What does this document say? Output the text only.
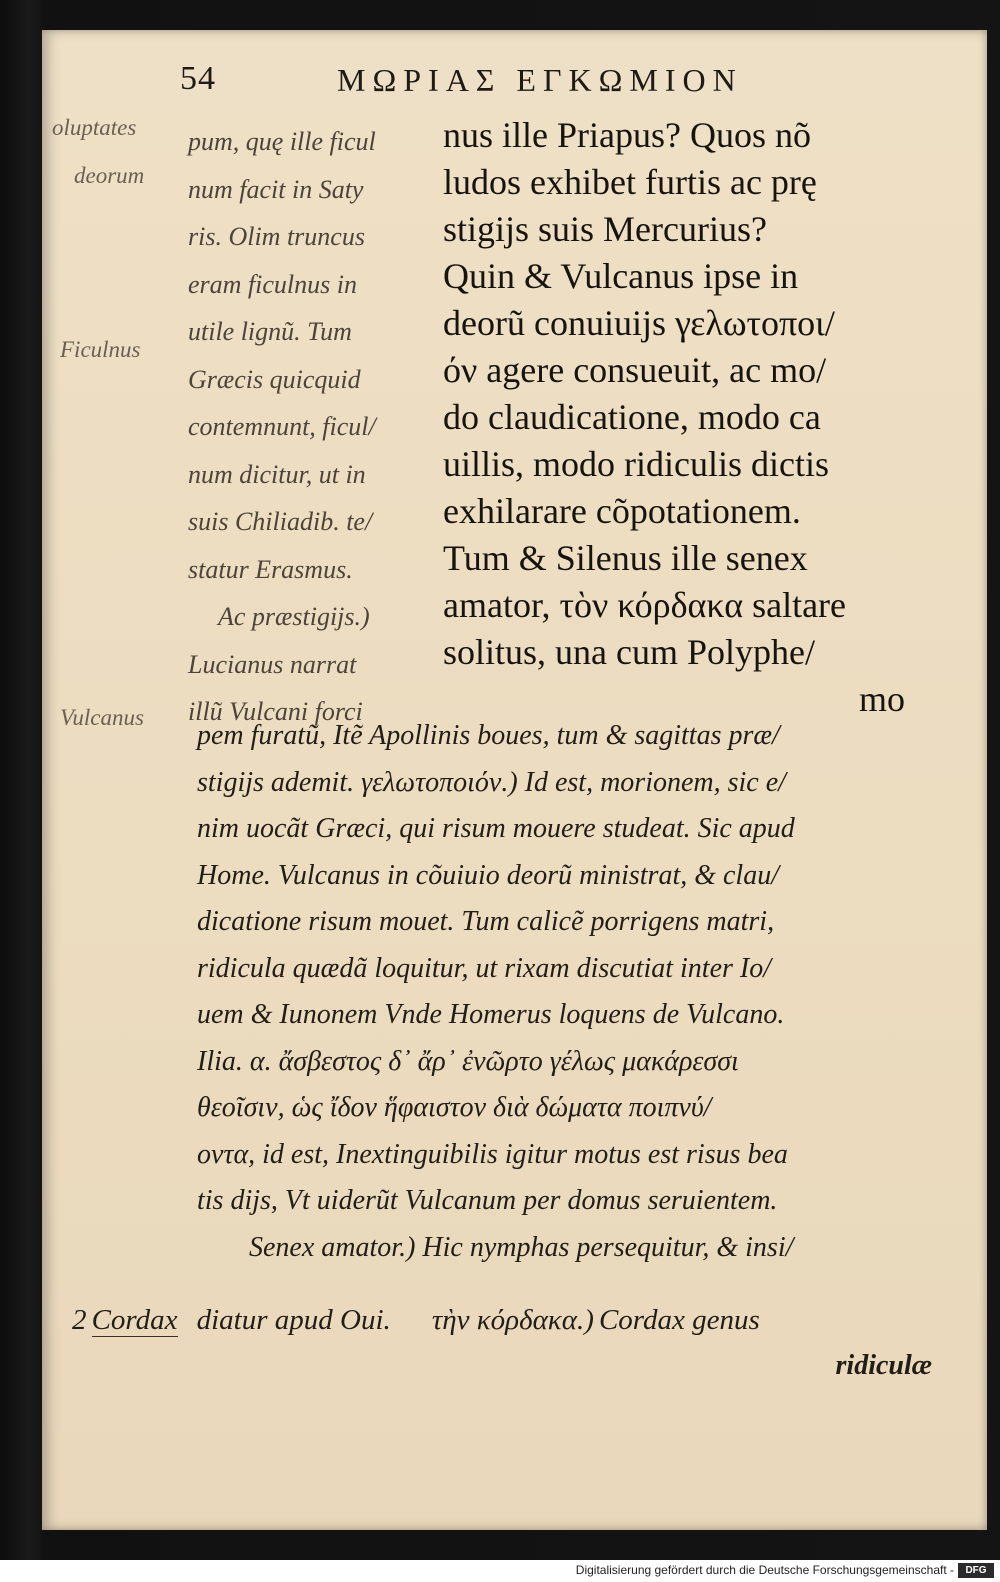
54	ΜΩΡΙΑΣ ΕΓΚΩΜΙΟΝ
oluptates
deorum
Ficulnus
Vulcanus
pum, quę ille ficul
num facit in Saty
ris. Olim truncus
eram ficulnus in
utile lignũ. Tum
Græcis quicquid
contemnunt, ficul/
num dicitur, ut in
suis Chiliadib. te/
statur Erasmus.
Ac præstigijs.)
Lucianus narrat
illũ Vulcani forci
nus ille Priapus? Quos nõ
ludos exhibet furtis ac prę
stigijs suis Mercurius?
Quin & Vulcanus ipse in
deorũ conuiuijs γελωτοποι/
όν agere consueuit, ac mo/
do claudicatione, modo ca
uillis, modo ridiculis dictis
exhilarare cõpotationem.
Tum & Silenus ille senex
amator, τὸν κόρδακα saltare
solitus, una cum Polyphe/
mo
pem furatũ, Itẽ Apollinis boues, tum & sagittas præ/
stigijs ademit. γελωτοποιόν.) Id est, morionem, sic e/
nim uocãt Græci, qui risum mouere studeat. Sic apud
Home. Vulcanus in cõuiuio deorũ ministrat, & clau/
dicatione risum mouet. Tum calicẽ porrigens matri,
ridicula quædã loquitur, ut rixam discutiat inter Io/
uem & Iunonem Vnde Homerus loquens de Vulcano.
Ilia. α. ἄσβεστος δ᾽ ἄρ᾽ ἐνῶρτο γέλως μακάρεσσι
θεοῖσιν, ὡς ἴδον ἥφαιστον διὰ δώματα ποιπνύ/
οντα, id est, Inextinguibilis igitur motus est risus bea
tis dijs, Vt uiderũt Vulcanum per domus seruientem.
Senex amator.) Hic nymphas persequitur, & insi/
2 Cordax diatur apud Oui. τὴν κόρδακα.) Cordax genus
ridiculæ
Digitalisierung gefördert durch die Deutsche Forschungsgemeinschaft -	DFG
